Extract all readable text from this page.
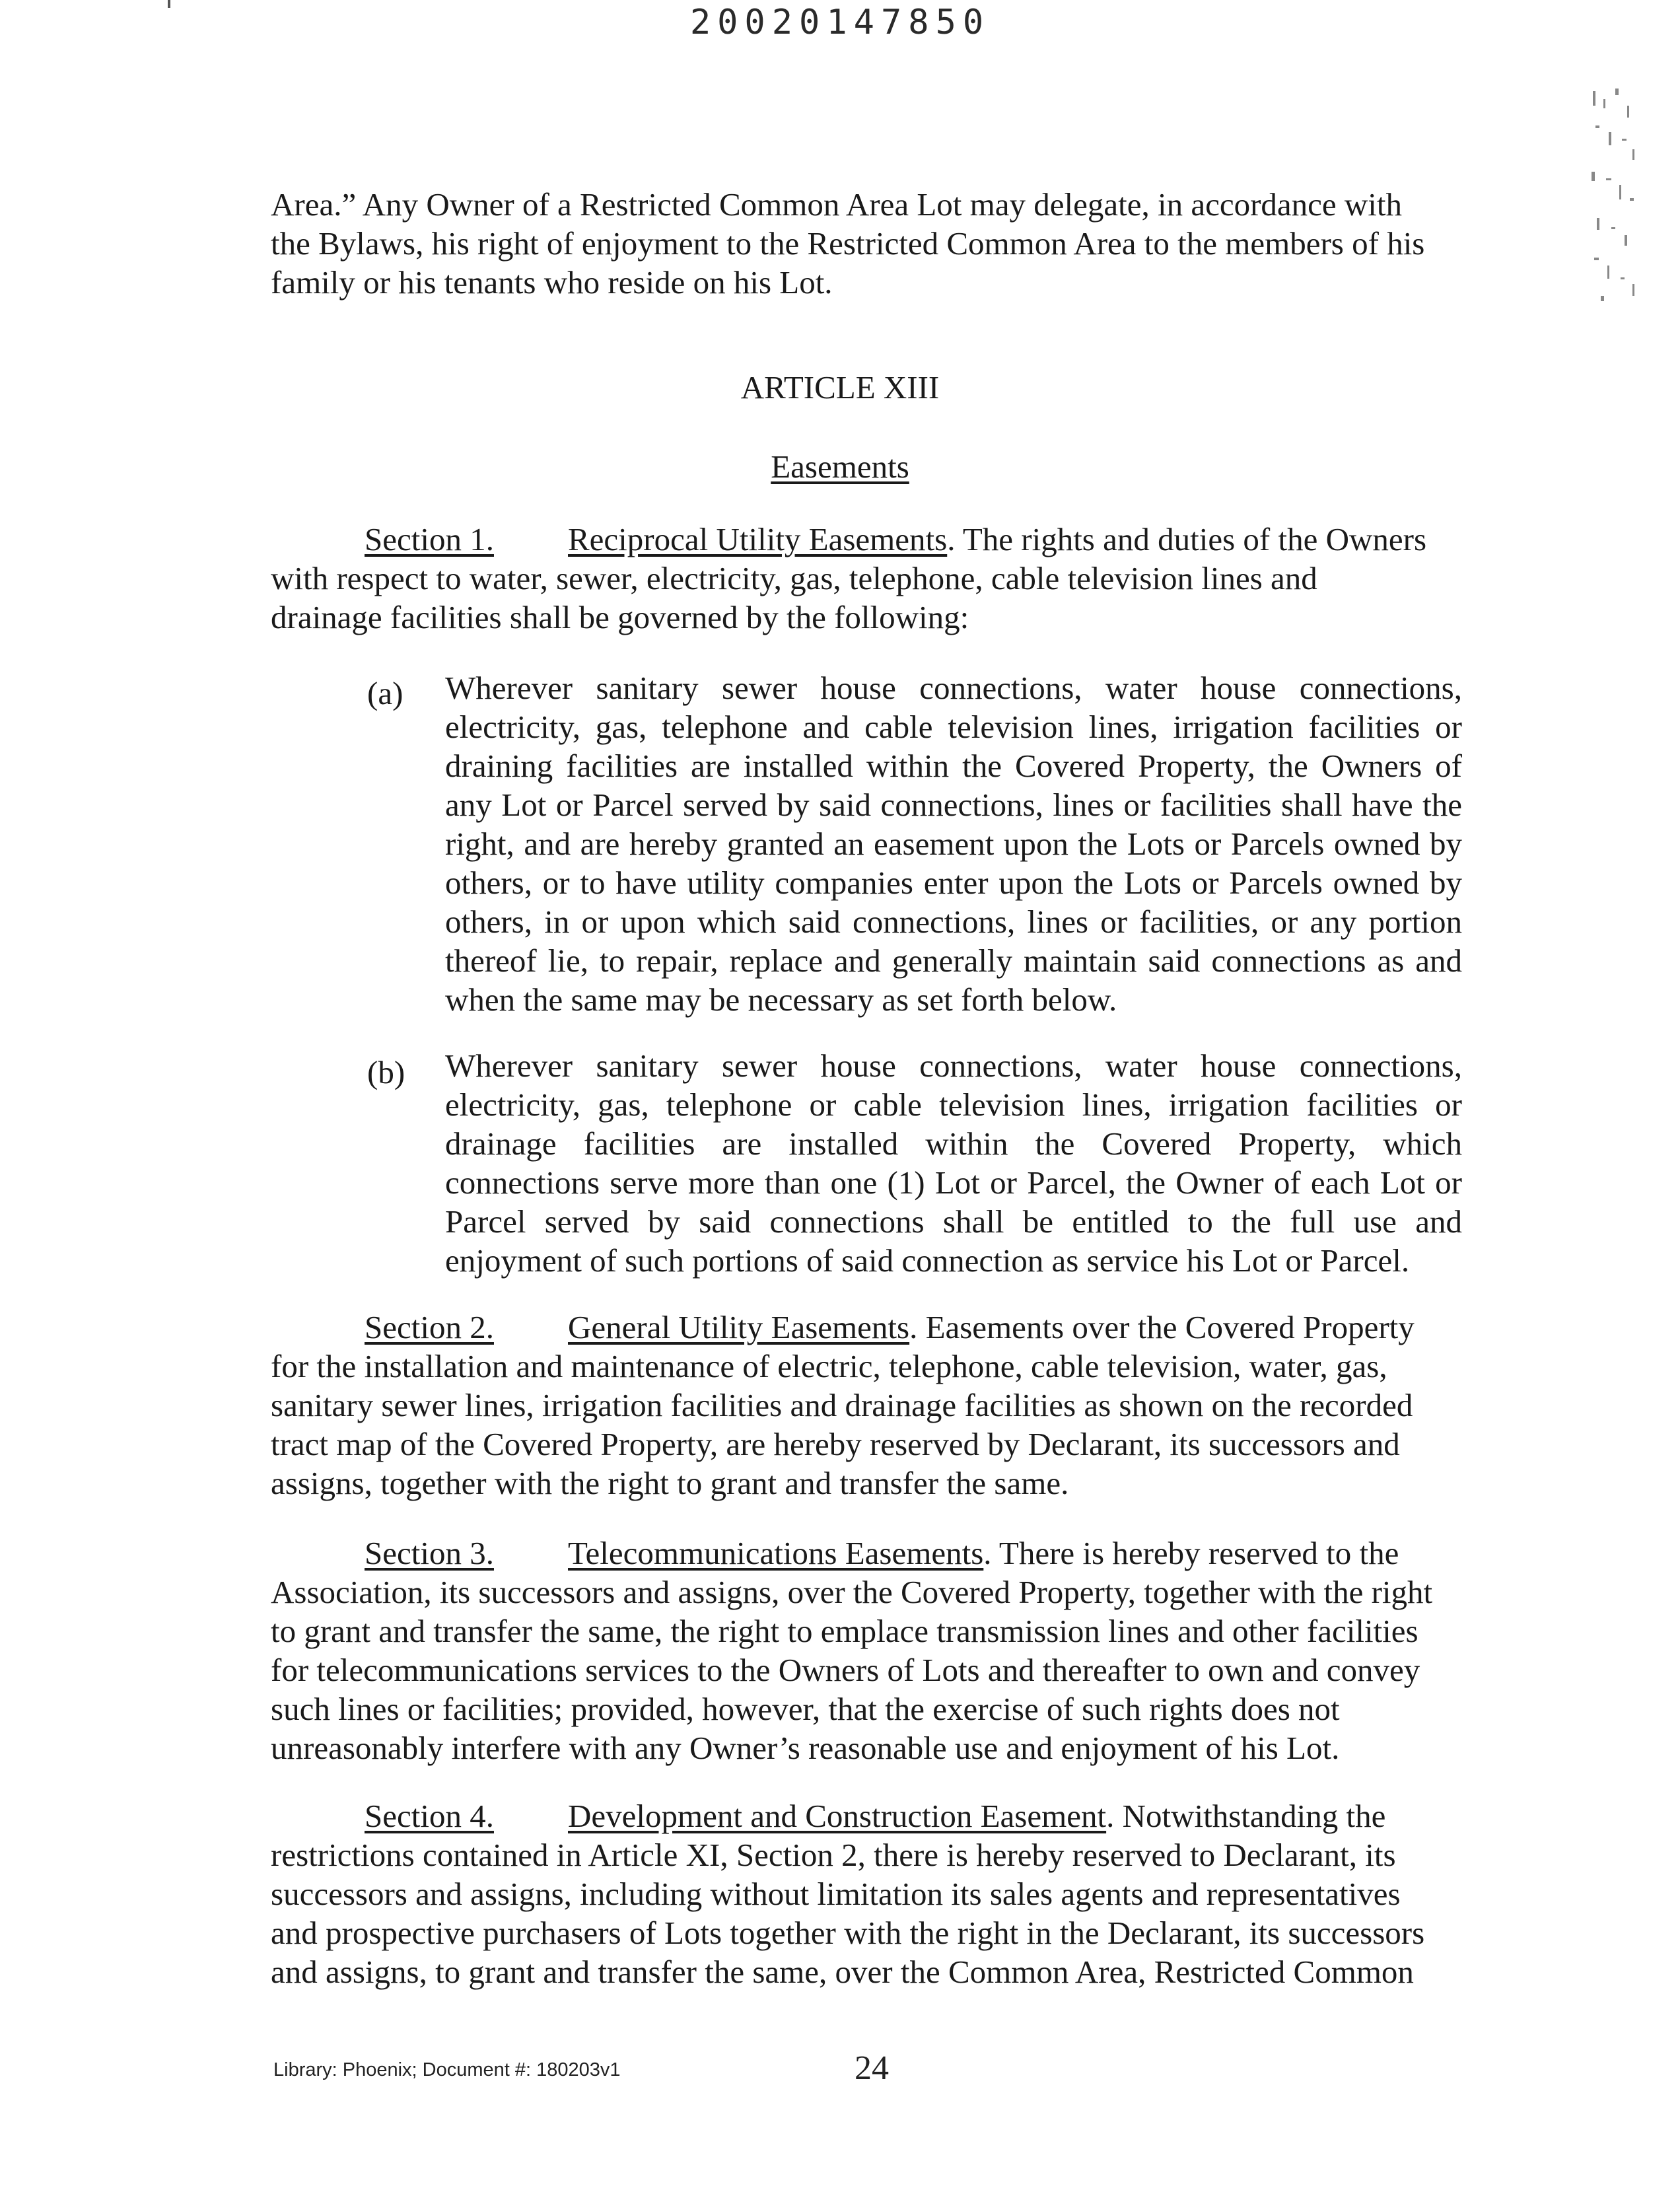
20020147850
Area.” Any Owner of a Restricted Common Area Lot may delegate, in accordance with
the Bylaws, his right of enjoyment to the Restricted Common Area to the members of his
family or his tenants who reside on his Lot.
ARTICLE XIII
Easements
Section 1. Reciprocal Utility Easements. The rights and duties of the Owners
with respect to water, sewer, electricity, gas, telephone, cable television lines and
drainage facilities shall be governed by the following:
(a) Wherever sanitary sewer house connections, water house connections, electricity, gas, telephone and cable television lines, irrigation facilities or draining facilities are installed within the Covered Property, the Owners of any Lot or Parcel served by said connections, lines or facilities shall have the right, and are hereby granted an easement upon the Lots or Parcels owned by others, or to have utility companies enter upon the Lots or Parcels owned by others, in or upon which said connections, lines or facilities, or any portion thereof lie, to repair, replace and generally maintain said connections as and when the same may be necessary as set forth below.
(b) Wherever sanitary sewer house connections, water house connections, electricity, gas, telephone or cable television lines, irrigation facilities or drainage facilities are installed within the Covered Property, which connections serve more than one (1) Lot or Parcel, the Owner of each Lot or Parcel served by said connections shall be entitled to the full use and enjoyment of such portions of said connection as service his Lot or Parcel.
Section 2. General Utility Easements. Easements over the Covered Property
for the installation and maintenance of electric, telephone, cable television, water, gas,
sanitary sewer lines, irrigation facilities and drainage facilities as shown on the recorded
tract map of the Covered Property, are hereby reserved by Declarant, its successors and
assigns, together with the right to grant and transfer the same.
Section 3. Telecommunications Easements. There is hereby reserved to the
Association, its successors and assigns, over the Covered Property, together with the right
to grant and transfer the same, the right to emplace transmission lines and other facilities
for telecommunications services to the Owners of Lots and thereafter to own and convey
such lines or facilities; provided, however, that the exercise of such rights does not
unreasonably interfere with any Owner’s reasonable use and enjoyment of his Lot.
Section 4. Development and Construction Easement. Notwithstanding the
restrictions contained in Article XI, Section 2, there is hereby reserved to Declarant, its
successors and assigns, including without limitation its sales agents and representatives
and prospective purchasers of Lots together with the right in the Declarant, its successors
and assigns, to grant and transfer the same, over the Common Area, Restricted Common
Library: Phoenix; Document #: 180203v1	24
